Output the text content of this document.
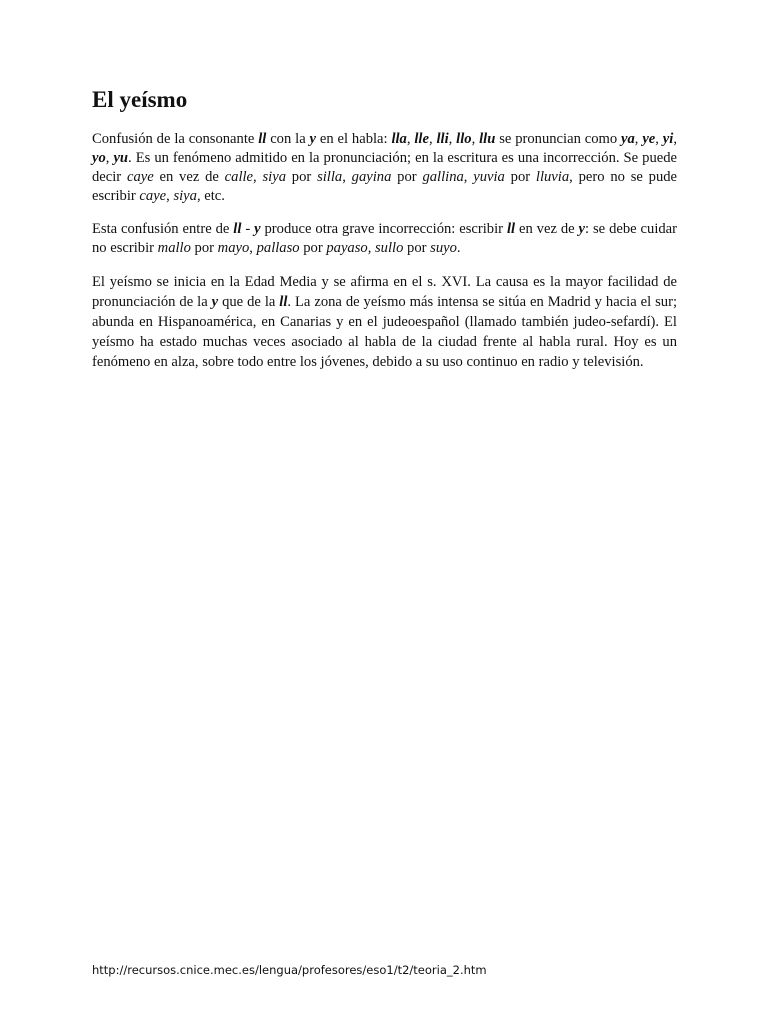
El yeísmo

Confusión de la consonante ll con la y en el habla: lla, lle, lli, llo, llu se pronuncian como ya, ye, yi, yo, yu. Es un fenómeno admitido en la pronunciación; en la escritura es una incorrección. Se puede decir caye en vez de calle, siya por silla, gayina por gallina, yuvia por lluvia, pero no se pude escribir caye, siya, etc.

Esta confusión entre de ll - y produce otra grave incorrección: escribir ll en vez de y: se debe cuidar no escribir mallo por mayo, pallaso por payaso, sullo por suyo.

El yeísmo se inicia en la Edad Media y se afirma en el s. XVI. La causa es la mayor facilidad de pronunciación de la y que de la ll. La zona de yeísmo más intensa se sitúa en Madrid y hacia el sur; abunda en Hispanoamérica, en Canarias y en el judeoespañol (llamado también judeo-sefardí). El yeísmo ha estado muchas veces asociado al habla de la ciudad frente al habla rural. Hoy es un fenómeno en alza, sobre todo entre los jóvenes, debido a su uso continuo en radio y televisión.

http://recursos.cnice.mec.es/lengua/profesores/eso1/t2/teoria_2.htm
